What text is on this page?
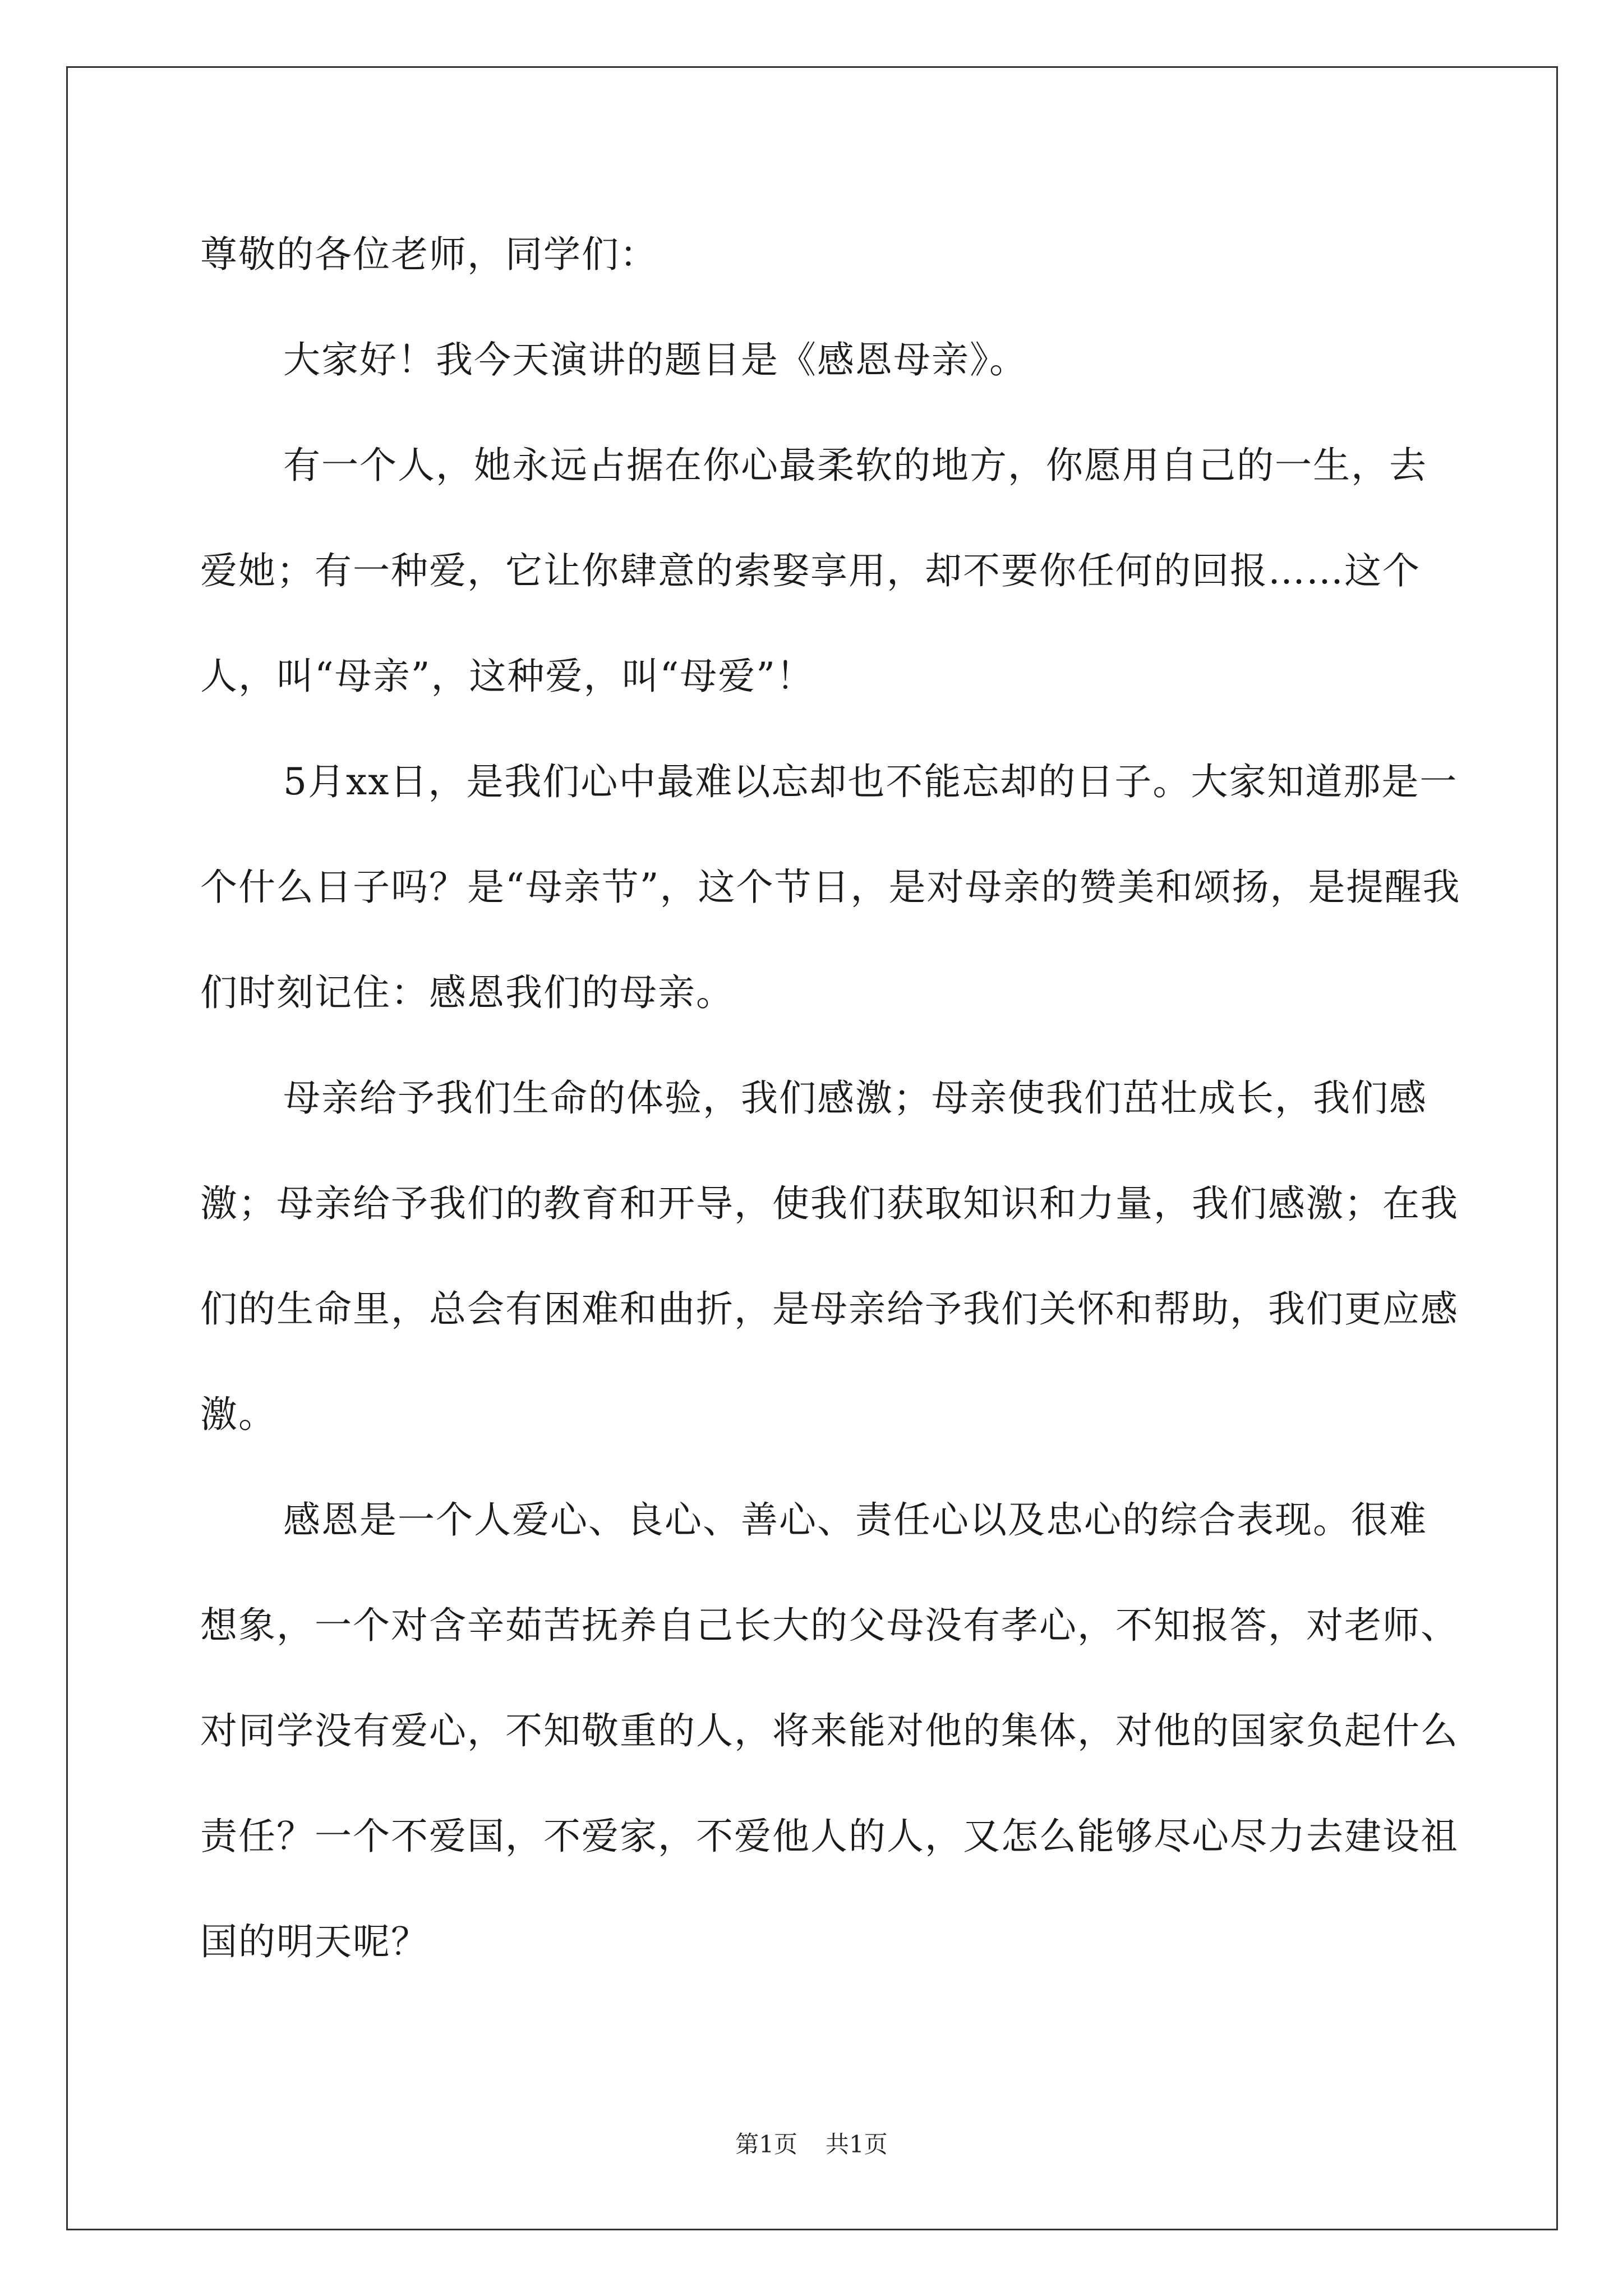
尊敬的各位老师，同学们：

大家好！我今天演讲的题目是《感恩母亲》。

有一个人，她永远占据在你心最柔软的地方，你愿用自己的一生，去爱她；有一种爱，它让你肆意的索娶享用，却不要你任何的回报……这个人，叫“母亲”，这种爱，叫“母爱”！

5月xx日，是我们心中最难以忘却也不能忘却的日子。大家知道那是一个什么日子吗？是“母亲节”，这个节日，是对母亲的赞美和颂扬，是提醒我们时刻记住：感恩我们的母亲。

母亲给予我们生命的体验，我们感激；母亲使我们茁壮成长，我们感激；母亲给予我们的教育和开导，使我们获取知识和力量，我们感激；在我们的生命里，总会有困难和曲折，是母亲给予我们关怀和帮助，我们更应感激。

感恩是一个人爱心、良心、善心、责任心以及忠心的综合表现。很难想象，一个对含辛茹苦抚养自己长大的父母没有孝心，不知报答，对老师、对同学没有爱心，不知敬重的人，将来能对他的集体，对他的国家负起什么责任？一个不爱国，不爱家，不爱他人的人，又怎么能够尽心尽力去建设祖国的明天呢？

第1页 共1页
